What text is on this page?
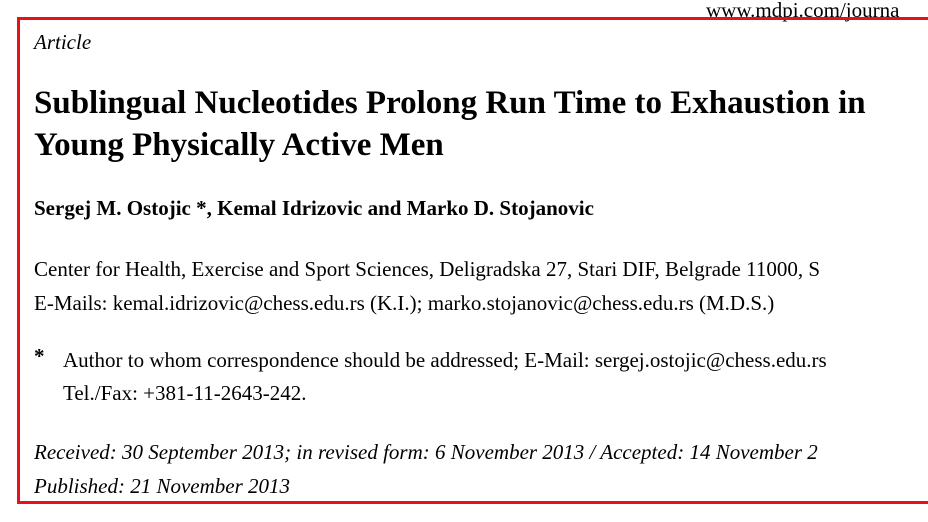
www.mdpi.com/journa
Article
Sublingual Nucleotides Prolong Run Time to Exhaustion in
Young Physically Active Men
Sergej M. Ostojic *, Kemal Idrizovic and Marko D. Stojanovic
Center for Health, Exercise and Sport Sciences, Deligradska 27, Stari DIF, Belgrade 11000, S
E-Mails: kemal.idrizovic@chess.edu.rs (K.I.); marko.stojanovic@chess.edu.rs (M.D.S.)
* Author to whom correspondence should be addressed; E-Mail: sergej.ostojic@chess.edu.rs
Tel./Fax: +381-11-2643-242.
Received: 30 September 2013; in revised form: 6 November 2013 / Accepted: 14 November 2
Published: 21 November 2013
